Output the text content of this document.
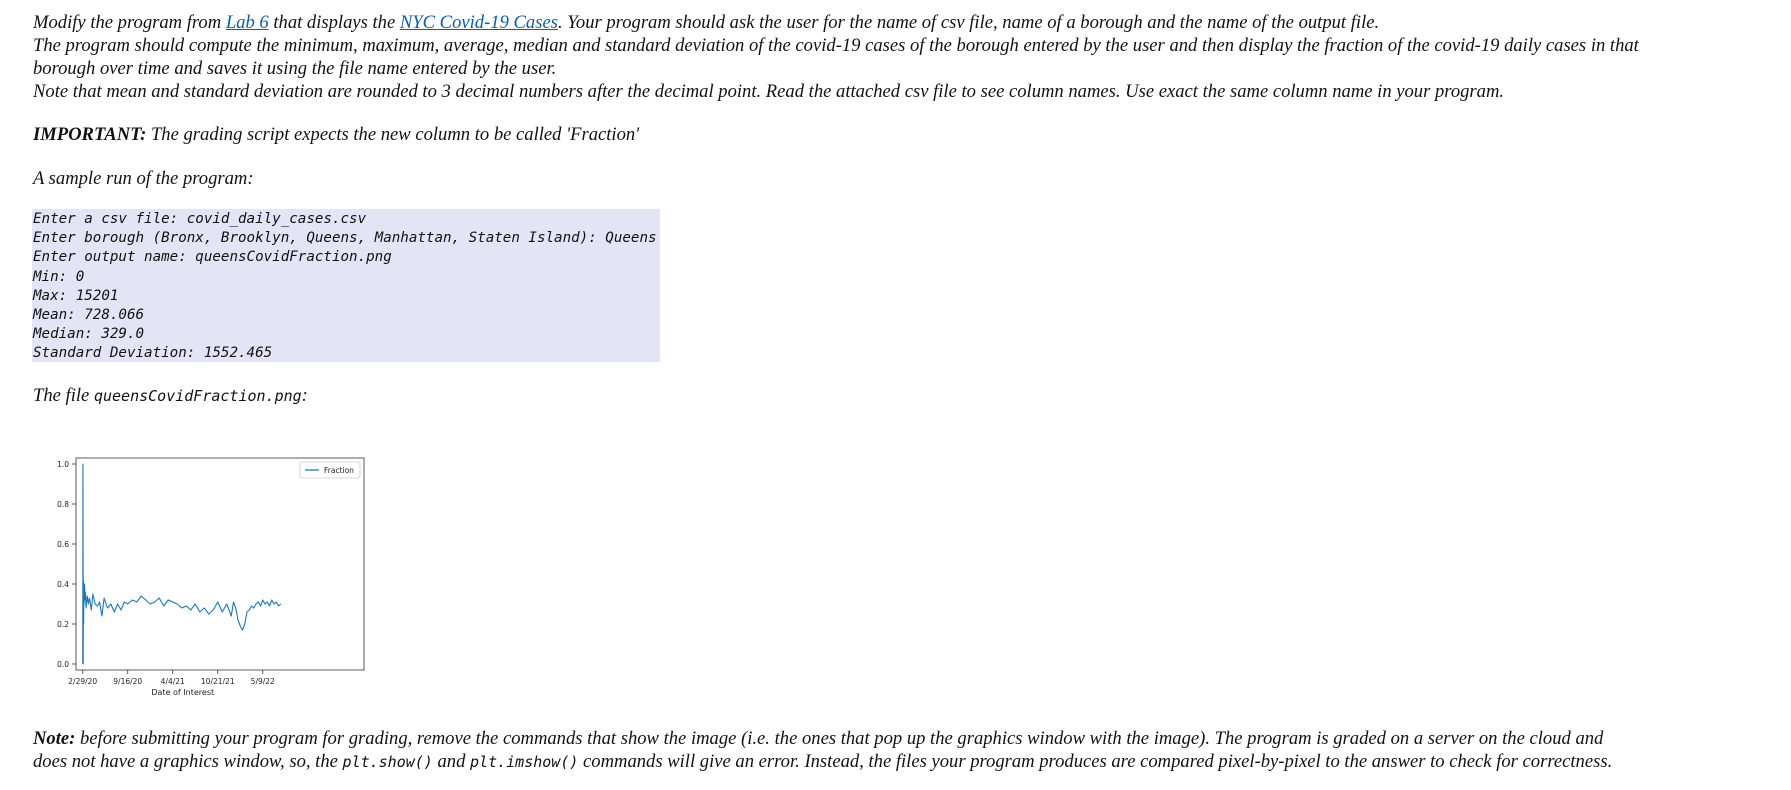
Modify the program from Lab 6 that displays the NYC Covid-19 Cases. Your program should ask the user for the name of csv file, name of a borough and the name of the output file.
The program should compute the minimum, maximum, average, median and standard deviation of the covid-19 cases of the borough entered by the user and then display the fraction of the covid-19 daily cases in that
borough over time and saves it using the file name entered by the user.
Note that mean and standard deviation are rounded to 3 decimal numbers after the decimal point. Read the attached csv file to see column names. Use exact the same column name in your program.
IMPORTANT: The grading script expects the new column to be called 'Fraction'
A sample run of the program:
Enter a csv file: covid_daily_cases.csv
Enter borough (Bronx, Brooklyn, Queens, Manhattan, Staten Island): Queens
Enter output name: queensCovidFraction.png
Min: 0
Max: 15201
Mean: 728.066
Median: 329.0
Standard Deviation: 1552.465
The file queensCovidFraction.png:
0.0
0.2
0.4
0.6
0.8
1.0
2/29/20 9/16/20 4/4/21 10/21/21 5/9/22
Date of Interest
Fraction
Note: before submitting your program for grading, remove the commands that show the image (i.e. the ones that pop up the graphics window with the image). The program is graded on a server on the cloud and
does not have a graphics window, so, the plt.show() and plt.imshow() commands will give an error. Instead, the files your program produces are compared pixel-by-pixel to the answer to check for correctness.
